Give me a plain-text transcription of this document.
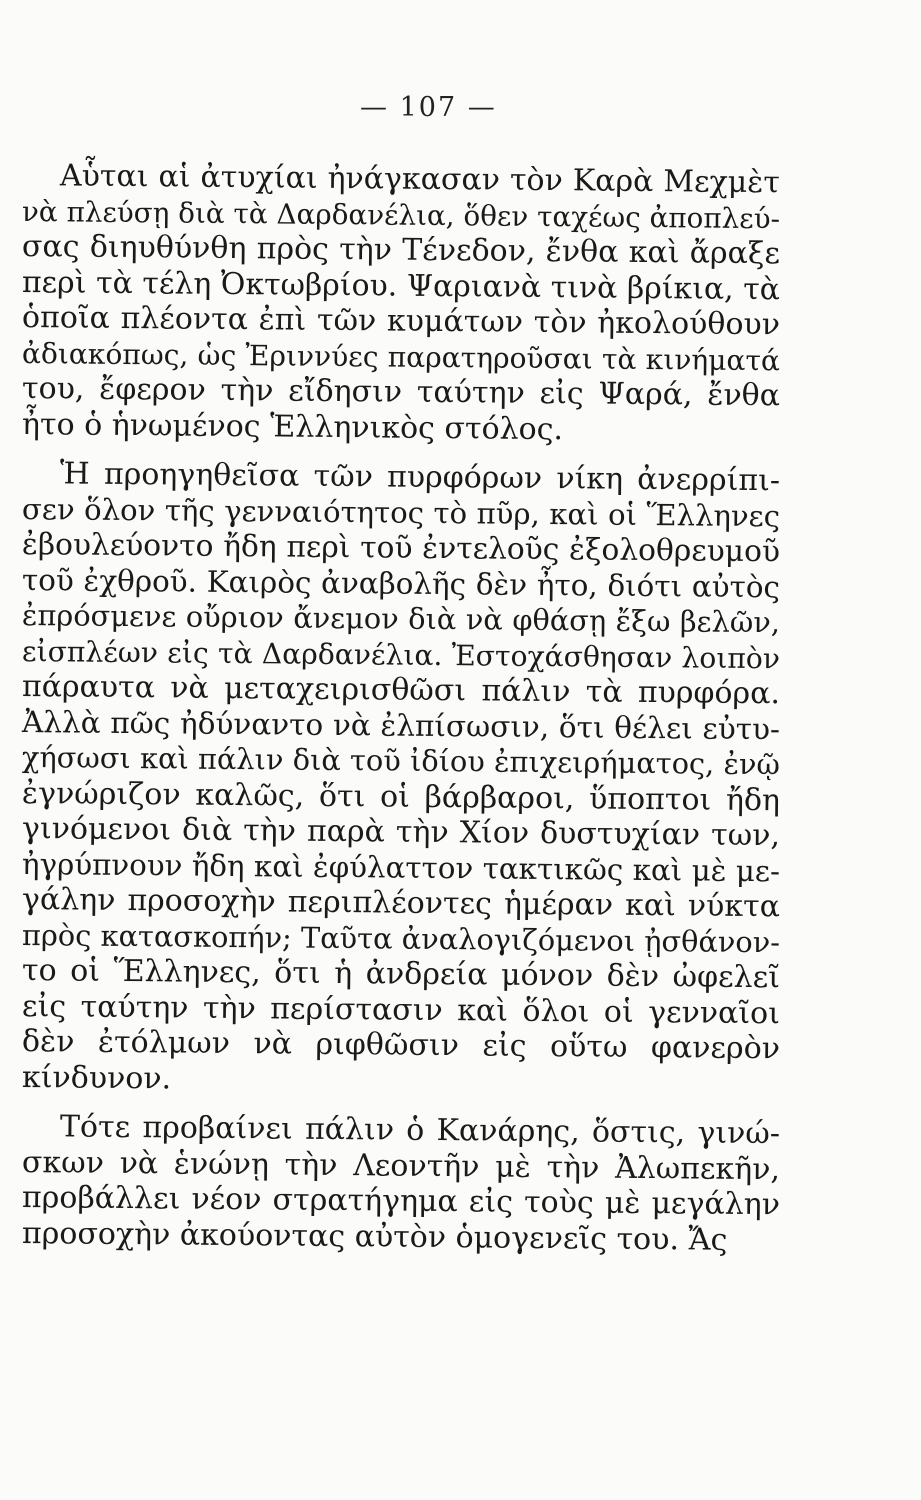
— 107 —
Αὗται αἱ ἀτυχίαι ἠνάγκασαν τὸν Καρὰ Μεχμὲτ
νὰ πλεύσῃ διὰ τὰ Δαρδανέλια, ὅθεν ταχέως ἀποπλεύ-
σας διηυθύνθη πρὸς τὴν Τένεδον, ἔνθα καὶ ἄραξε
περὶ τὰ τέλη Ὀκτωβρίου. Ψαριανὰ τινὰ βρίκια, τὰ
ὁποῖα πλέοντα ἐπὶ τῶν κυμάτων τὸν ἠκολούθουν
ἀδιακόπως, ὡς Ἐριννύες παρατηροῦσαι τὰ κινήματά
του, ἔφερον τὴν εἴδησιν ταύτην εἰς Ψαρά, ἔνθα
ἦτο ὁ ἡνωμένος Ἑλληνικὸς στόλος.
Ἡ προηγηθεῖσα τῶν πυρφόρων νίκη ἀνερρίπι-
σεν ὅλον τῆς γενναιότητος τὸ πῦρ, καὶ οἱ Ἕλληνες
ἐβουλεύοντο ἤδη περὶ τοῦ ἐντελοῦς ἐξολοθρευμοῦ
τοῦ ἐχθροῦ. Καιρὸς ἀναβολῆς δὲν ἦτο, διότι αὐτὸς
ἐπρόσμενε οὔριον ἄνεμον διὰ νὰ φθάσῃ ἔξω βελῶν,
εἰσπλέων εἰς τὰ Δαρδανέλια. Ἐστοχάσθησαν λοιπὸν
πάραυτα νὰ μεταχειρισθῶσι πάλιν τὰ πυρφόρα.
Ἀλλὰ πῶς ἠδύναντο νὰ ἐλπίσωσιν, ὅτι θέλει εὐτυ-
χήσωσι καὶ πάλιν διὰ τοῦ ἰδίου ἐπιχειρήματος, ἐνῷ
ἐγνώριζον καλῶς, ὅτι οἱ βάρβαροι, ὕποπτοι ἤδη
γινόμενοι διὰ τὴν παρὰ τὴν Χίον δυστυχίαν των,
ἠγρύπνουν ἤδη καὶ ἐφύλαττον τακτικῶς καὶ μὲ με-
γάλην προσοχὴν περιπλέοντες ἡμέραν καὶ νύκτα
πρὸς κατασκοπήν; Ταῦτα ἀναλογιζόμενοι ᾐσθάνον-
το οἱ Ἕλληνες, ὅτι ἡ ἀνδρεία μόνον δὲν ὠφελεῖ
εἰς ταύτην τὴν περίστασιν καὶ ὅλοι οἱ γενναῖοι
δὲν ἐτόλμων νὰ ριφθῶσιν εἰς οὕτω φανερὸν
κίνδυνον.
Τότε προβαίνει πάλιν ὁ Κανάρης, ὅστις, γινώ-
σκων νὰ ἑνώνῃ τὴν Λεοντῆν μὲ τὴν Ἀλωπεκῆν,
προβάλλει νέον στρατήγημα εἰς τοὺς μὲ μεγάλην
προσοχὴν ἀκούοντας αὐτὸν ὁμογενεῖς του. Ἄς
